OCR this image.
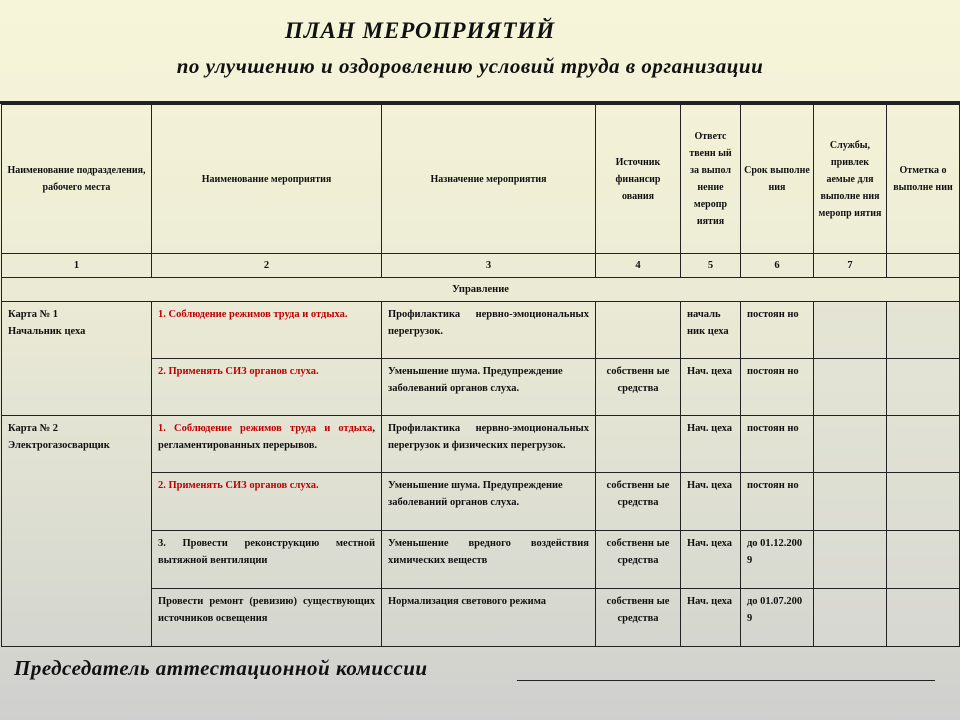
ПЛАН МЕРОПРИЯТИЙ
по улучшению и оздоровлению условий труда в организации
Наименование подразделения, рабочего места	Наименование мероприятия	Назначение мероприятия	Источник финансир ования	Ответс твенн ый за выпол нение меропр иятия	Срок выполне ния	Службы, привлек аемые для выполне ния меропр иятия	Отметка о выполне нии
1	2	3	4	5	6	7	
Управление							
Карта № 1
Начальник цеха	1. Соблюдение режимов труда и отдыха.	Профилактика нервно-эмоциональных перегрузок.		началь ник цеха	постоян но		
	2. Применять СИЗ органов слуха.	Уменьшение шума. Предупреждение заболеваний органов слуха.	собственн ые средства	Нач. цеха	постоян но		
Карта № 2
Электрогазосварщик	1. Соблюдение режимов труда и отдыха, регламентированных перерывов.	Профилактика нервно-эмоциональных перегрузок и физических перегрузок.		Нач. цеха	постоян но		
	2. Применять СИЗ органов слуха.	Уменьшение шума. Предупреждение заболеваний органов слуха.	собственн ые средства	Нач. цеха	постоян но		
	3. Провести реконструкцию местной вытяжной вентиляции	Уменьшение вредного воздействия химических веществ	собственн ые средства	Нач. цеха	до 01.12.200 9		
	Провести ремонт (ревизию) существующих источников освещения	Нормализация светового режима	собственн ые средства	Нач. цеха	до 01.07.200 9		
Председатель аттестационной комиссии
